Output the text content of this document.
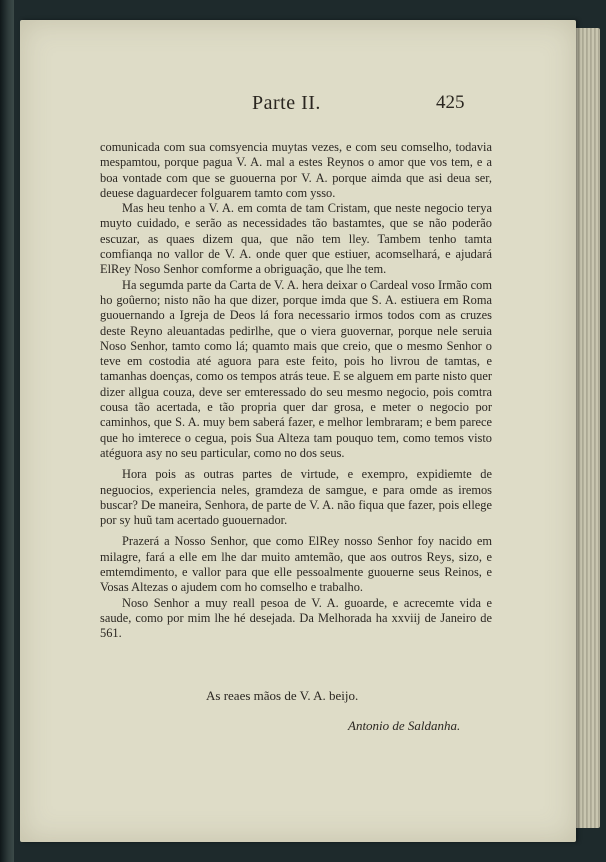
Parte II.	425

comunicada com sua comsyencia muytas vezes, e com seu comselho, todavia mespamtou, porque pagua V. A. mal a estes Reynos o amor que vos tem, e a boa vontade com que se guouerna por V. A. porque aimda que asi deua ser, deuese daguardecer folguarem tamto com ysso.

Mas heu tenho a V. A. em comta de tam Cristam, que neste negocio terya muyto cuidado, e serão as necessidades tão bastamtes, que se não poderão escuzar, as quaes dizem qua, que não tem lley. Tambem tenho tamta comfianqa no vallor de V. A. onde quer que estiuer, acomselhará, e ajudará ElRey Noso Senhor comforme a obriguação, que lhe tem.

Ha segumda parte da Carta de V. A. hera deixar o Cardeal voso Irmão com ho goûerno; nisto não ha que dizer, porque imda que S. A. estiuera em Roma guouernando a Igreja de Deos lá fora necessario irmos todos com as cruzes deste Reyno aleuantadas pedirlhe, que o viera guovernar, porque nele seruia Noso Senhor, tamto como lá; quamto mais que creio, que o mesmo Senhor o teve em costodia até aguora para este feito, pois ho livrou de tamtas, e tamanhas doenças, como os tempos atrás teue. E se alguem em parte nisto quer dizer allgua couza, deve ser emteressado do seu mesmo negocio, pois comtra cousa tão acertada, e tão propria quer dar grosa, e meter o negocio por caminhos, que S. A. muy bem saberá fazer, e melhor lembraram; e bem parece que ho imterece o cegua, pois Sua Alteza tam pouquo tem, como temos visto atéguora asy no seu particular, como no dos seus.

Hora pois as outras partes de virtude, e exempro, expidiemte de neguocios, experiencia neles, gramdeza de samgue, e para omde as iremos buscar? De maneira, Senhora, de parte de V. A. não fiqua que fazer, pois ellege por sy huũ tam acertado guouernador.

Prazerá a Nosso Senhor, que como ElRey nosso Senhor foy nacido em milagre, fará a elle em lhe dar muito amtemão, que aos outros Reys, sizo, e emtemdimento, e vallor para que elle pessoalmente guouerne seus Reinos, e Vosas Altezas o ajudem com ho comselho e trabalho.

Noso Senhor a muy reall pesoa de V. A. guoarde, e acrecemte vida e saude, como por mim lhe hé desejada. Da Melhorada ha xxviij de Janeiro de 561.

As reaes mãos de V. A. beijo.
Antonio de Saldanha.
